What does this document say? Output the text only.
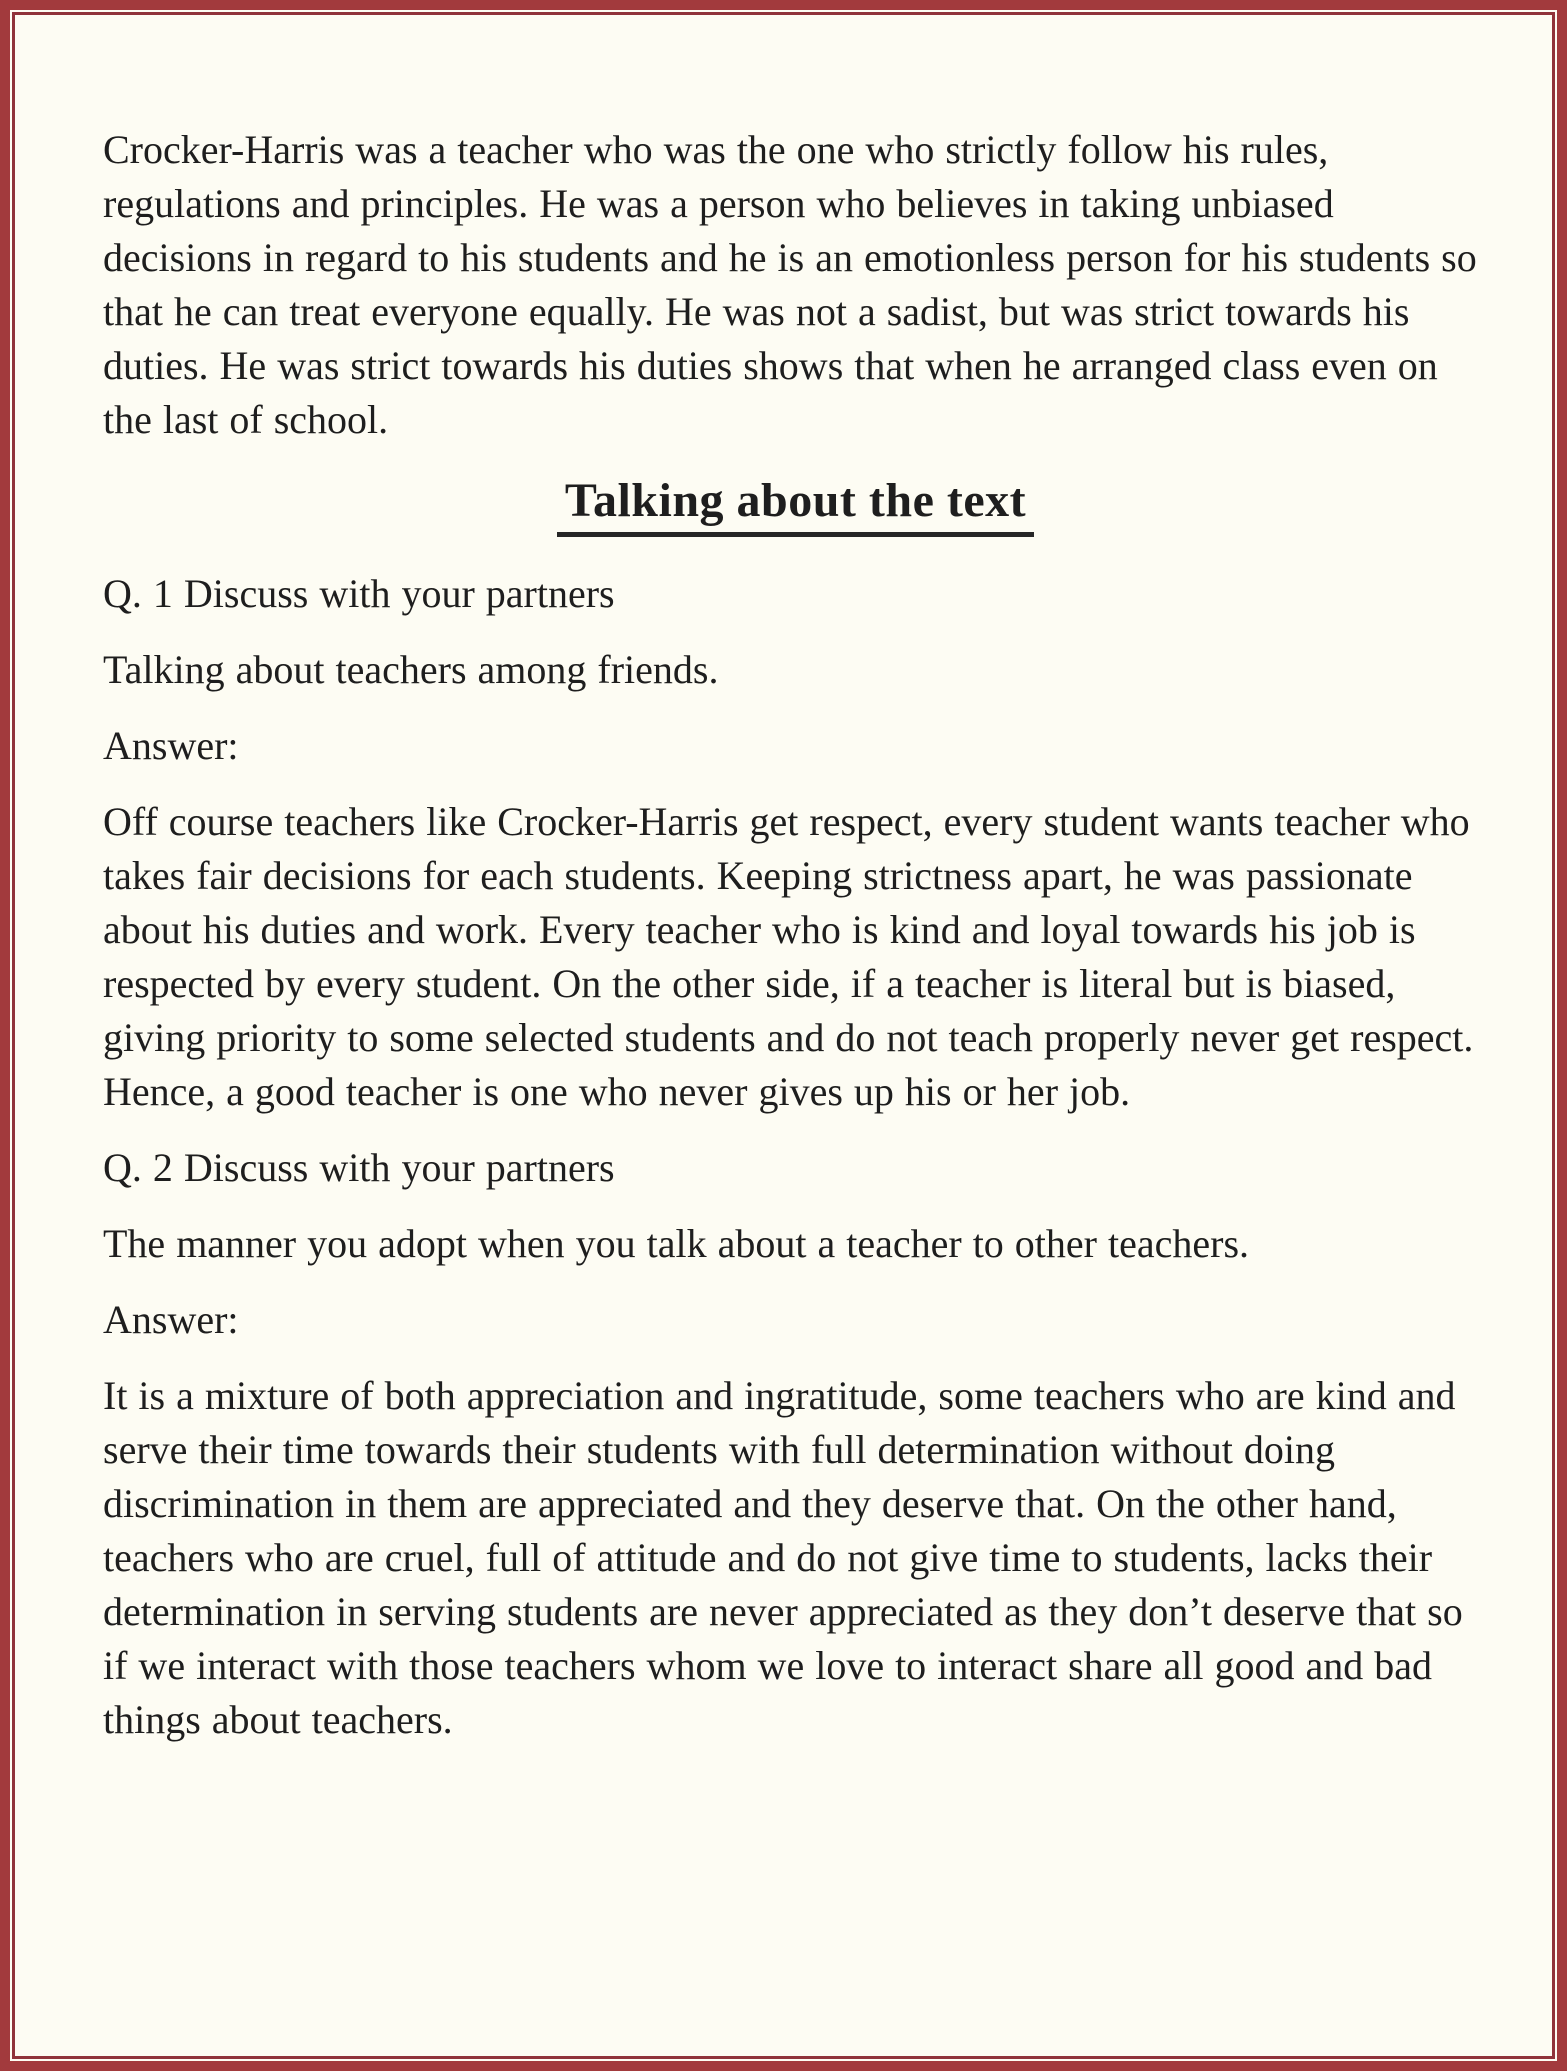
Crocker-Harris was a teacher who was the one who strictly follow his rules, regulations and principles. He was a person who believes in taking unbiased decisions in regard to his students and he is an emotionless person for his students so that he can treat everyone equally. He was not a sadist, but was strict towards his duties. He was strict towards his duties shows that when he arranged class even on the last of school.

Talking about the text

Q. 1 Discuss with your partners

Talking about teachers among friends.

Answer:

Off course teachers like Crocker-Harris get respect, every student wants teacher who takes fair decisions for each students. Keeping strictness apart, he was passionate about his duties and work. Every teacher who is kind and loyal towards his job is respected by every student. On the other side, if a teacher is literal but is biased, giving priority to some selected students and do not teach properly never get respect. Hence, a good teacher is one who never gives up his or her job.

Q. 2 Discuss with your partners

The manner you adopt when you talk about a teacher to other teachers.

Answer:

It is a mixture of both appreciation and ingratitude, some teachers who are kind and serve their time towards their students with full determination without doing discrimination in them are appreciated and they deserve that. On the other hand, teachers who are cruel, full of attitude and do not give time to students, lacks their determination in serving students are never appreciated as they don’t deserve that so if we interact with those teachers whom we love to interact share all good and bad things about teachers.
